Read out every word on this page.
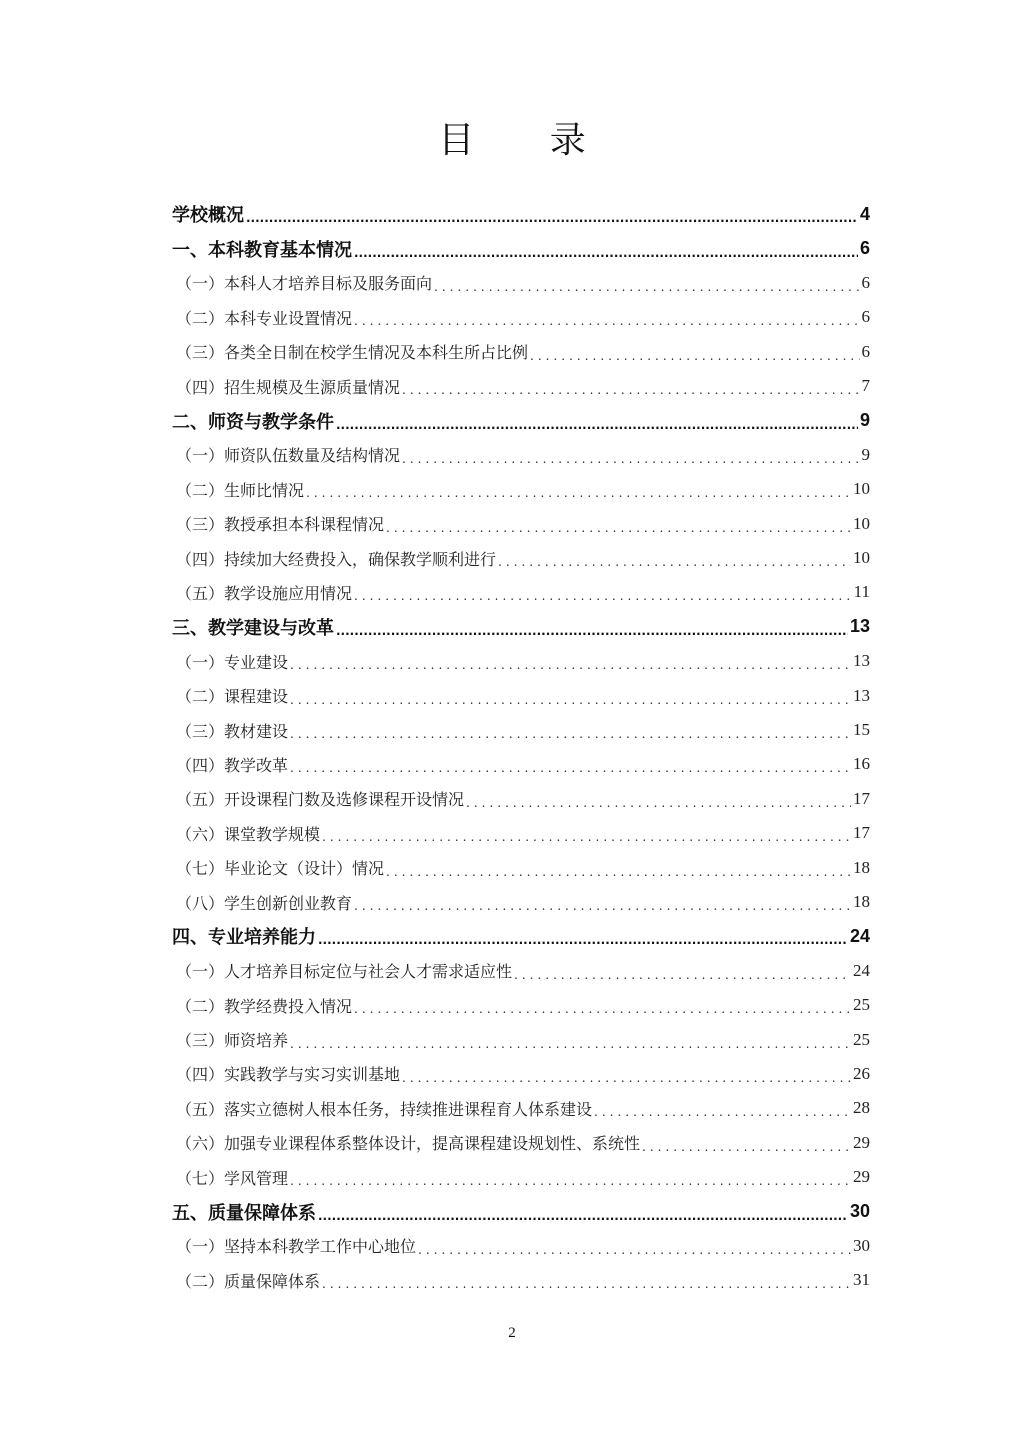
目 录
学校概况 .....	4
一、本科教育基本情况 .....	6
（一）本科人才培养目标及服务面向 .....	6
（二）本科专业设置情况 .....	6
（三）各类全日制在校学生情况及本科生所占比例 .....	6
（四）招生规模及生源质量情况 .....	7
二、师资与教学条件 .....	9
（一）师资队伍数量及结构情况 .....	9
（二）生师比情况 .....	10
（三）教授承担本科课程情况 .....	10
（四）持续加大经费投入，确保教学顺利进行 .....	10
（五）教学设施应用情况 .....	11
三、教学建设与改革 .....	13
（一）专业建设 .....	13
（二）课程建设 .....	13
（三）教材建设 .....	15
（四）教学改革 .....	16
（五）开设课程门数及选修课程开设情况 .....	17
（六）课堂教学规模 .....	17
（七）毕业论文（设计）情况 .....	18
（八）学生创新创业教育 .....	18
四、专业培养能力 .....	24
（一）人才培养目标定位与社会人才需求适应性 .....	24
（二）教学经费投入情况 .....	25
（三）师资培养 .....	25
（四）实践教学与实习实训基地 .....	26
（五）落实立德树人根本任务，持续推进课程育人体系建设 .....	28
（六）加强专业课程体系整体设计，提高课程建设规划性、系统性 .....	29
（七）学风管理 .....	29
五、质量保障体系 .....	30
（一）坚持本科教学工作中心地位 .....	30
（二）质量保障体系 .....	31
2
